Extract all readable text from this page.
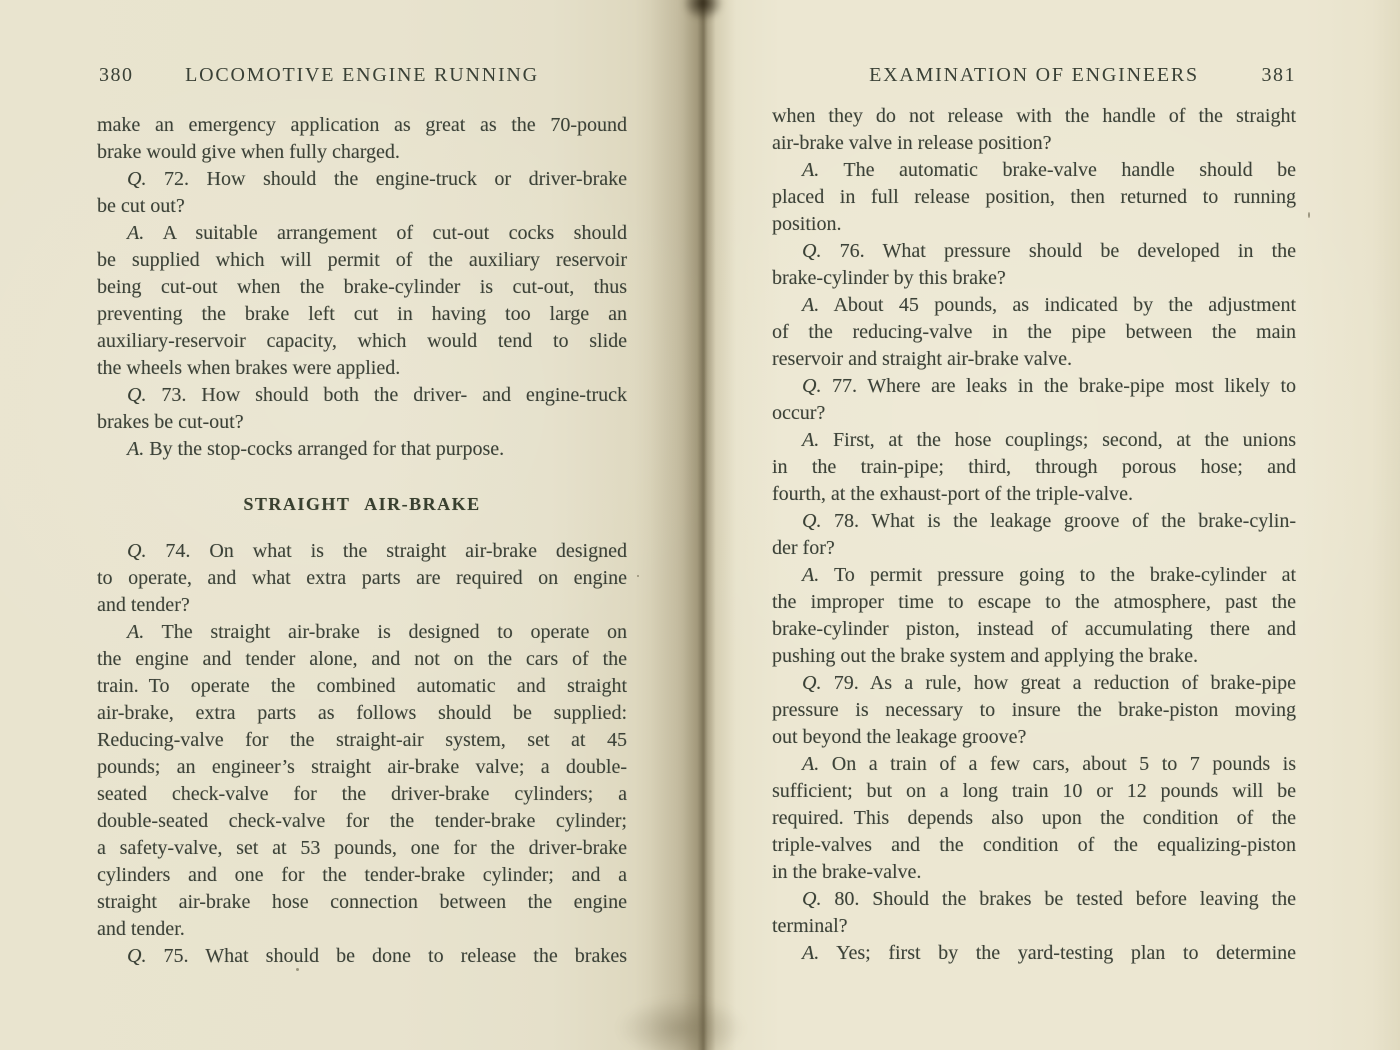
380	LOCOMOTIVE ENGINE RUNNING
make an emergency application as great as the 70-pound
brake would give when fully charged.
Q. 72. How should the engine-truck or driver-brake
be cut out?
A. A suitable arrangement of cut-out cocks should
be supplied which will permit of the auxiliary reservoir
being cut-out when the brake-cylinder is cut-out, thus
preventing the brake left cut in having too large an
auxiliary-reservoir capacity, which would tend to slide
the wheels when brakes were applied.
Q. 73. How should both the driver- and engine-truck
brakes be cut-out?
A. By the stop-cocks arranged for that purpose.
STRAIGHT AIR-BRAKE
Q. 74. On what is the straight air-brake designed
to operate, and what extra parts are required on engine
and tender?
A. The straight air-brake is designed to operate on
the engine and tender alone, and not on the cars of the
train. To operate the combined automatic and straight
air-brake, extra parts as follows should be supplied:
Reducing-valve for the straight-air system, set at 45
pounds; an engineer’s straight air-brake valve; a double-
seated check-valve for the driver-brake cylinders; a
double-seated check-valve for the tender-brake cylinder;
a safety-valve, set at 53 pounds, one for the driver-brake
cylinders and one for the tender-brake cylinder; and a
straight air-brake hose connection between the engine
and tender.
Q. 75. What should be done to release the brakes
EXAMINATION OF ENGINEERS	381
when they do not release with the handle of the straight
air-brake valve in release position?
A. The automatic brake-valve handle should be
placed in full release position, then returned to running
position.
Q. 76. What pressure should be developed in the
brake-cylinder by this brake?
A. About 45 pounds, as indicated by the adjustment
of the reducing-valve in the pipe between the main
reservoir and straight air-brake valve.
Q. 77. Where are leaks in the brake-pipe most likely to
occur?
A. First, at the hose couplings; second, at the unions
in the train-pipe; third, through porous hose; and
fourth, at the exhaust-port of the triple-valve.
Q. 78. What is the leakage groove of the brake-cylin-
der for?
A. To permit pressure going to the brake-cylinder at
the improper time to escape to the atmosphere, past the
brake-cylinder piston, instead of accumulating there and
pushing out the brake system and applying the brake.
Q. 79. As a rule, how great a reduction of brake-pipe
pressure is necessary to insure the brake-piston moving
out beyond the leakage groove?
A. On a train of a few cars, about 5 to 7 pounds is
sufficient; but on a long train 10 or 12 pounds will be
required. This depends also upon the condition of the
triple-valves and the condition of the equalizing-piston
in the brake-valve.
Q. 80. Should the brakes be tested before leaving the
terminal?
A. Yes; first by the yard-testing plan to determine
